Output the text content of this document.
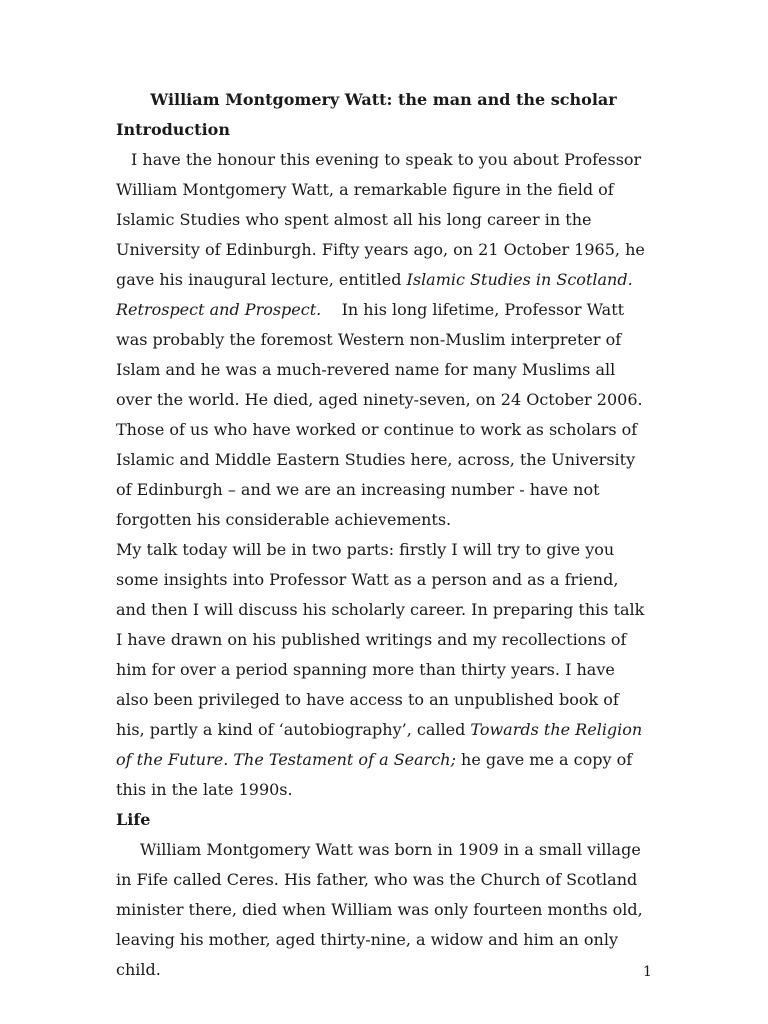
William Montgomery Watt: the man and the scholar

Introduction

I have the honour this evening to speak to you about Professor William Montgomery Watt, a remarkable figure in the field of Islamic Studies who spent almost all his long career in the University of Edinburgh. Fifty years ago, on 21 October 1965, he gave his inaugural lecture, entitled Islamic Studies in Scotland. Retrospect and Prospect.    In his long lifetime, Professor Watt was probably the foremost Western non-Muslim interpreter of Islam and he was a much-revered name for many Muslims all over the world. He died, aged ninety-seven, on 24 October 2006. Those of us who have worked or continue to work as scholars of Islamic and Middle Eastern Studies here, across, the University of Edinburgh – and we are an increasing number - have not forgotten his considerable achievements.

My talk today will be in two parts: firstly I will try to give you some insights into Professor Watt as a person and as a friend, and then I will discuss his scholarly career. In preparing this talk I have drawn on his published writings and my recollections of him for over a period spanning more than thirty years. I have also been privileged to have access to an unpublished book of his, partly a kind of ‘autobiography’, called Towards the Religion of the Future. The Testament of a Search; he gave me a copy of this in the late 1990s.

Life

William Montgomery Watt was born in 1909 in a small village in Fife called Ceres. His father, who was the Church of Scotland minister there, died when William was only fourteen months old, leaving his mother, aged thirty-nine, a widow and him an only child.	1
